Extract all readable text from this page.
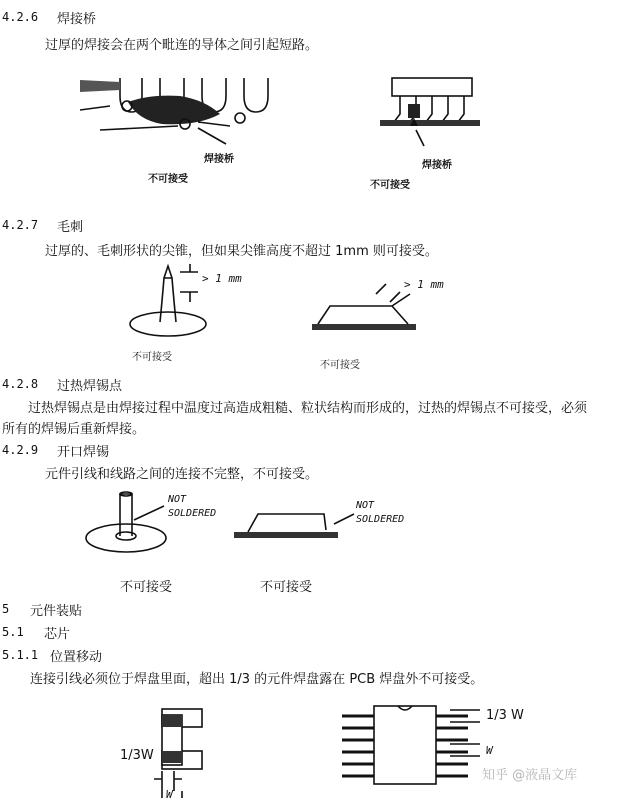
4.2.6 焊接桥
过厚的焊接会在两个毗连的导体之间引起短路。
焊接桥
不可接受
焊接桥
不可接受
4.2.7 毛刺
过厚的、毛刺形状的尖锥，但如果尖锥高度不超过 1mm 则可接受。
> 1 mm
不可接受
> 1 mm
不可接受
4.2.8 过热焊锡点
过热焊锡点是由焊接过程中温度过高造成粗糙、粒状结构而形成的，过热的焊锡点不可接受，必须
所有的焊锡后重新焊接。
4.2.9 开口焊锡
元件引线和线路之间的连接不完整，不可接受。
NOT
SOLDERED
不可接受
NOT
SOLDERED
不可接受
5 元件装贴
5.1 芯片
5.1.1 位置移动
连接引线必须位于焊盘里面，超出 1/3 的元件焊盘露在 PCB 焊盘外不可接受。
1/3W
W
1/3 W
W
知乎 @液晶文库
